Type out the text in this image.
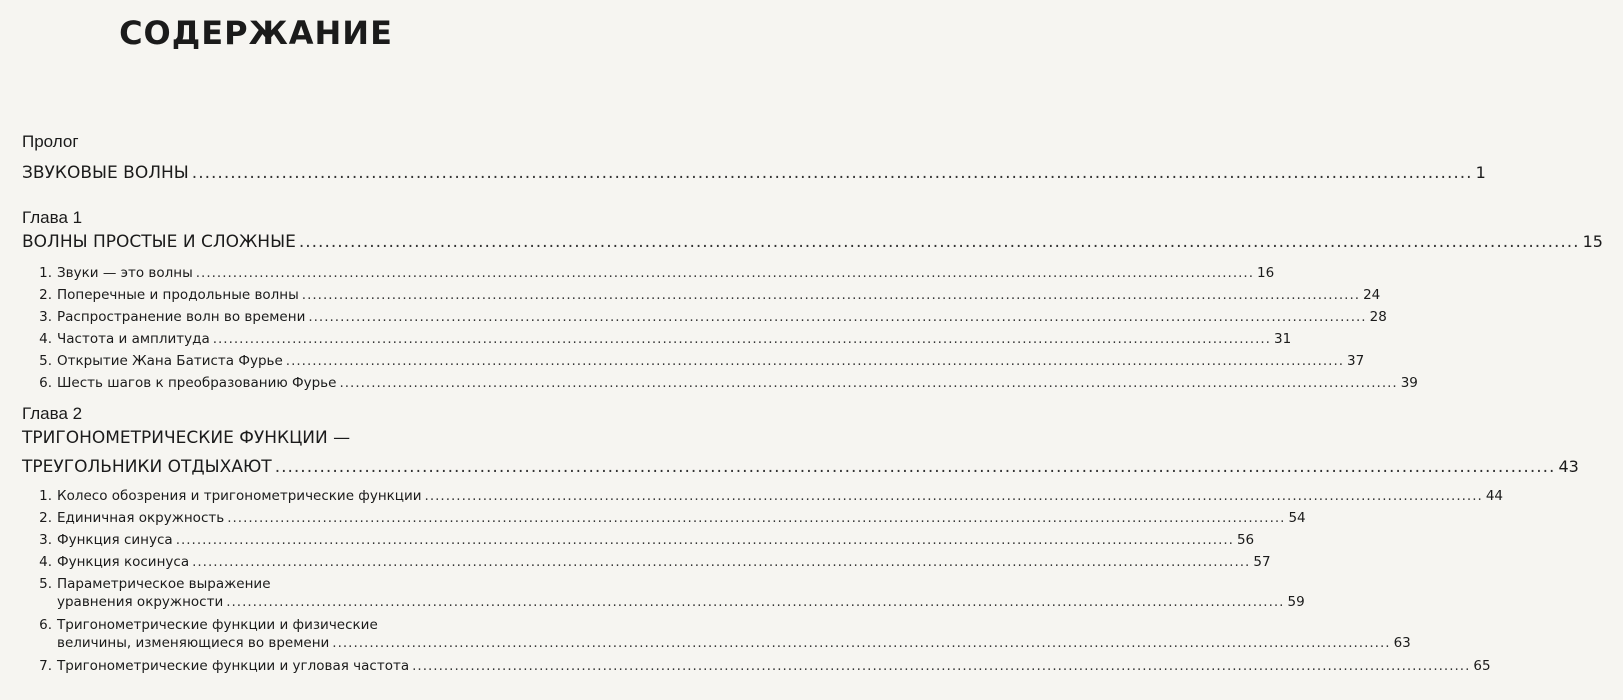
СОДЕРЖАНИЕ
Пролог
ЗВУКОВЫЕ ВОЛНЫ ........................................................................................................................................................................................................ 1
Глава 1
ВОЛНЫ ПРОСТЫЕ И СЛОЖНЫЕ ........................................................................................................................................................................................................ 15
1. Звуки — это волны ........................................................................................................................................................................................................ 16
2. Поперечные и продольные волны ........................................................................................................................................................................................................ 24
3. Распространение волн во времени ........................................................................................................................................................................................................ 28
4. Частота и амплитуда ........................................................................................................................................................................................................ 31
5. Открытие Жана Батиста Фурье ........................................................................................................................................................................................................ 37
6. Шесть шагов к преобразованию Фурье ........................................................................................................................................................................................................ 39
Глава 2
ТРИГОНОМЕТРИЧЕСКИЕ ФУНКЦИИ —
ТРЕУГОЛЬНИКИ ОТДЫХАЮТ ........................................................................................................................................................................................................ 43
1. Колесо обозрения и тригонометрические функции ........................................................................................................................................................................................................ 44
2. Единичная окружность ........................................................................................................................................................................................................ 54
3. Функция синуса ........................................................................................................................................................................................................ 56
4. Функция косинуса ........................................................................................................................................................................................................ 57
5. Параметрическое выражение
уравнения окружности ........................................................................................................................................................................................................ 59
6. Тригонометрические функции и физические
величины, изменяющиеся во времени ........................................................................................................................................................................................................ 63
7. Тригонометрические функции и угловая частота ........................................................................................................................................................................................................ 65
